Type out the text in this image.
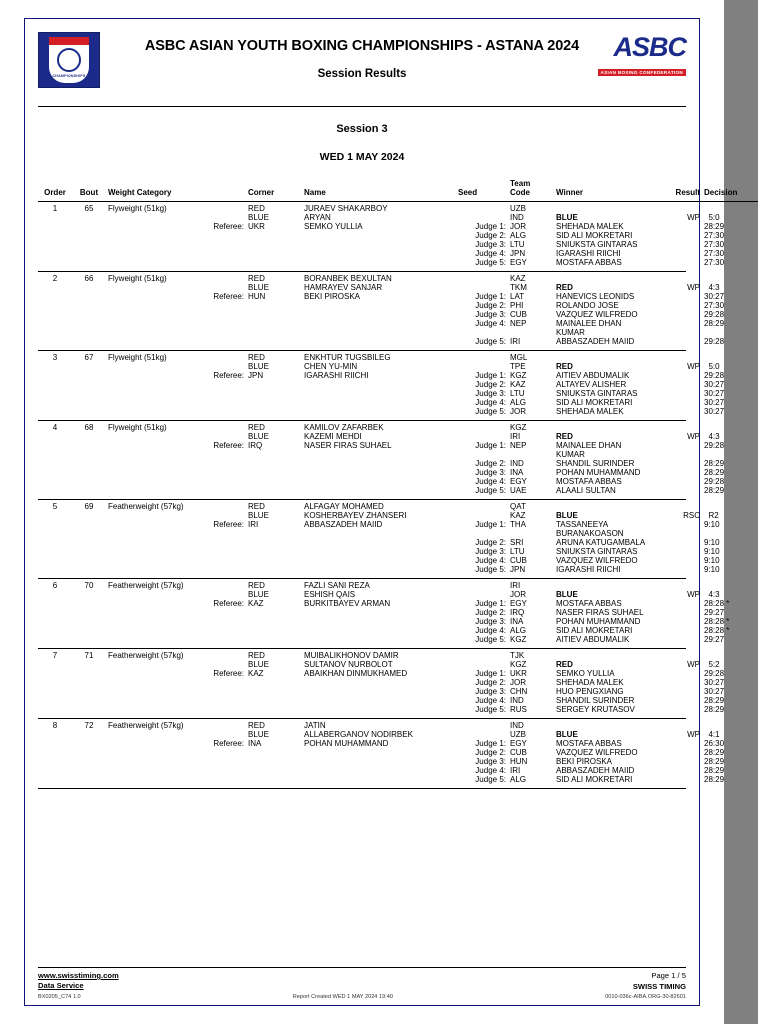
CHAMPIONSHIPS
ASBC ASIAN YOUTH BOXING CHAMPIONSHIPS - ASTANA 2024
Session Results
ASBC
ASIAN BOXING CONFEDERATION
Session 3
WED 1 MAY 2024
Order	Bout	Weight Category	Corner	Name	Seed	Team Code	Winner	Result	Decision
1	65	Flyweight (51kg)	RED	JURAEV SHAKARBOY		UZB			
			BLUE	ARYAN		IND	BLUE	WP	5:0
		Referee:	UKR	SEMKO YULLIA	Judge 1:	JOR	SHEHADA MALEK		28:29
					Judge 2:	ALG	SID ALI MOKRETARI		27:30
					Judge 3:	LTU	SNIUKSTA GINTARAS		27:30
					Judge 4:	JPN	IGARASHI RIICHI		27:30
					Judge 5:	EGY	MOSTAFA ABBAS		27:30
2	66	Flyweight (51kg)	RED	BORANBEK BEXULTAN		KAZ			
			BLUE	HAMRAYEV SANJAR		TKM	RED	WP	4:3
		Referee:	HUN	BEKI PIROSKA	Judge 1:	LAT	HANEVICS LEONIDS		30:27
					Judge 2:	PHI	ROLANDO JOSE		27:30
					Judge 3:	CUB	VAZQUEZ WILFREDO		29:28
					Judge 4:	NEP	MAINALEE DHAN KUMAR		28:29
					Judge 5:	IRI	ABBASZADEH MAIID		29:28
3	67	Flyweight (51kg)	RED	ENKHTUR TUGSBILEG		MGL			
			BLUE	CHEN YU-MIN		TPE	RED	WP	5:0
		Referee:	JPN	IGARASHI RIICHI	Judge 1:	KGZ	AITIEV ABDUMALIK		29:28
					Judge 2:	KAZ	ALTAYEV ALISHER		30:27
					Judge 3:	LTU	SNIUKSTA GINTARAS		30:27
					Judge 4:	ALG	SID ALI MOKRETARI		30:27
					Judge 5:	JOR	SHEHADA MALEK		30:27
4	68	Flyweight (51kg)	RED	KAMILOV ZAFARBEK		KGZ			
			BLUE	KAZEMI MEHDI		IRI	RED	WP	4:3
		Referee:	IRQ	NASER FIRAS SUHAEL	Judge 1:	NEP	MAINALEE DHAN KUMAR		29:28
					Judge 2:	IND	SHANDIL SURINDER		28:29
					Judge 3:	INA	POHAN MUHAMMAND		28:29
					Judge 4:	EGY	MOSTAFA ABBAS		29:28
					Judge 5:	UAE	ALAALI SULTAN		28:29
5	69	Featherweight (57kg)	RED	ALFAGAY MOHAMED		QAT			
			BLUE	KOSHERBAYEV ZHANSERI		KAZ	BLUE	RSC	R2
		Referee:	IRI	ABBASZADEH MAIID	Judge 1:	THA	TASSANEEYA BURANAKOASON		9:10
					Judge 2:	SRI	ARUNA KATUGAMBALA		9:10
					Judge 3:	LTU	SNIUKSTA GINTARAS		9:10
					Judge 4:	CUB	VAZQUEZ WILFREDO		9:10
					Judge 5:	JPN	IGARASHI RIICHI		9:10
6	70	Featherweight (57kg)	RED	FAZLI SANI REZA		IRI			
			BLUE	ESHISH QAIS		JOR	BLUE	WP	4:3
		Referee:	KAZ	BURKITBAYEV ARMAN	Judge 1:	EGY	MOSTAFA ABBAS		28:28 *
					Judge 2:	IRQ	NASER FIRAS SUHAEL		29:27
					Judge 3:	INA	POHAN MUHAMMAND		28:28 *
					Judge 4:	ALG	SID ALI MOKRETARI		28:28 *
					Judge 5:	KGZ	AITIEV ABDUMALIK		29:27
7	71	Featherweight (57kg)	RED	MUIBALIKHONOV DAMIR		TJK			
			BLUE	SULTANOV NURBOLOT		KGZ	RED	WP	5:2
		Referee:	KAZ	ABAIKHAN DINMUKHAMED	Judge 1:	UKR	SEMKO YULLIA		29:28
					Judge 2:	JOR	SHEHADA MALEK		30:27
					Judge 3:	CHN	HUO PENGXIANG		30:27
					Judge 4:	IND	SHANDIL SURINDER		28:29
					Judge 5:	RUS	SERGEY KRUTASOV		28:29
8	72	Featherweight (57kg)	RED	JATIN		IND			
			BLUE	ALLABERGANOV NODIRBEK		UZB	BLUE	WP	4:1
		Referee:	INA	POHAN MUHAMMAND	Judge 1:	EGY	MOSTAFA ABBAS		26:30
					Judge 2:	CUB	VAZQUEZ WILFREDO		28:29
					Judge 3:	HUN	BEKI PIROSKA		28:29
					Judge 4:	IRI	ABBASZADEH MAIID		28:29
					Judge 5:	ALG	SID ALI MOKRETARI		28:29
www.swisstiming.com
Data Service
Page 1 / 5
SWISS TIMING
BX0205_C74 1.0	Report Created WED 1 MAY 2024 19:40	0010-036c-AIBA.ORG-30-82601
